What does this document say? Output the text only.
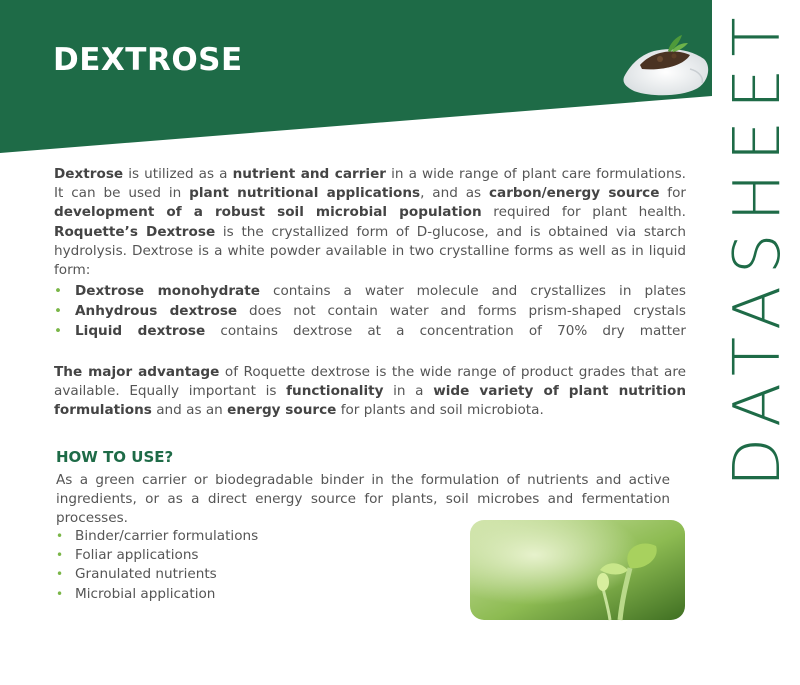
DEXTROSE	DATASHEET

Dextrose is utilized as a nutrient and carrier in a wide range of plant care formulations. It can be used in plant nutritional applications, and as carbon/energy source for development of a robust soil microbial population required for plant health. Roquette’s Dextrose is the crystallized form of D-glucose, and is obtained via starch hydrolysis. Dextrose is a white powder available in two crystalline forms as well as in liquid form:

• Dextrose monohydrate contains a water molecule and crystallizes in plates
• Anhydrous dextrose does not contain water and forms prism-shaped crystals
• Liquid dextrose contains dextrose at a concentration of 70% dry matter

The major advantage of Roquette dextrose is the wide range of product grades that are available. Equally important is functionality in a wide variety of plant nutrition formulations and as an energy source for plants and soil microbiota.

HOW TO USE?

As a green carrier or biodegradable binder in the formulation of nutrients and active ingredients, or as a direct energy source for plants, soil microbes and fermentation processes.

• Binder/carrier formulations
• Foliar applications
• Granulated nutrients
• Microbial application
